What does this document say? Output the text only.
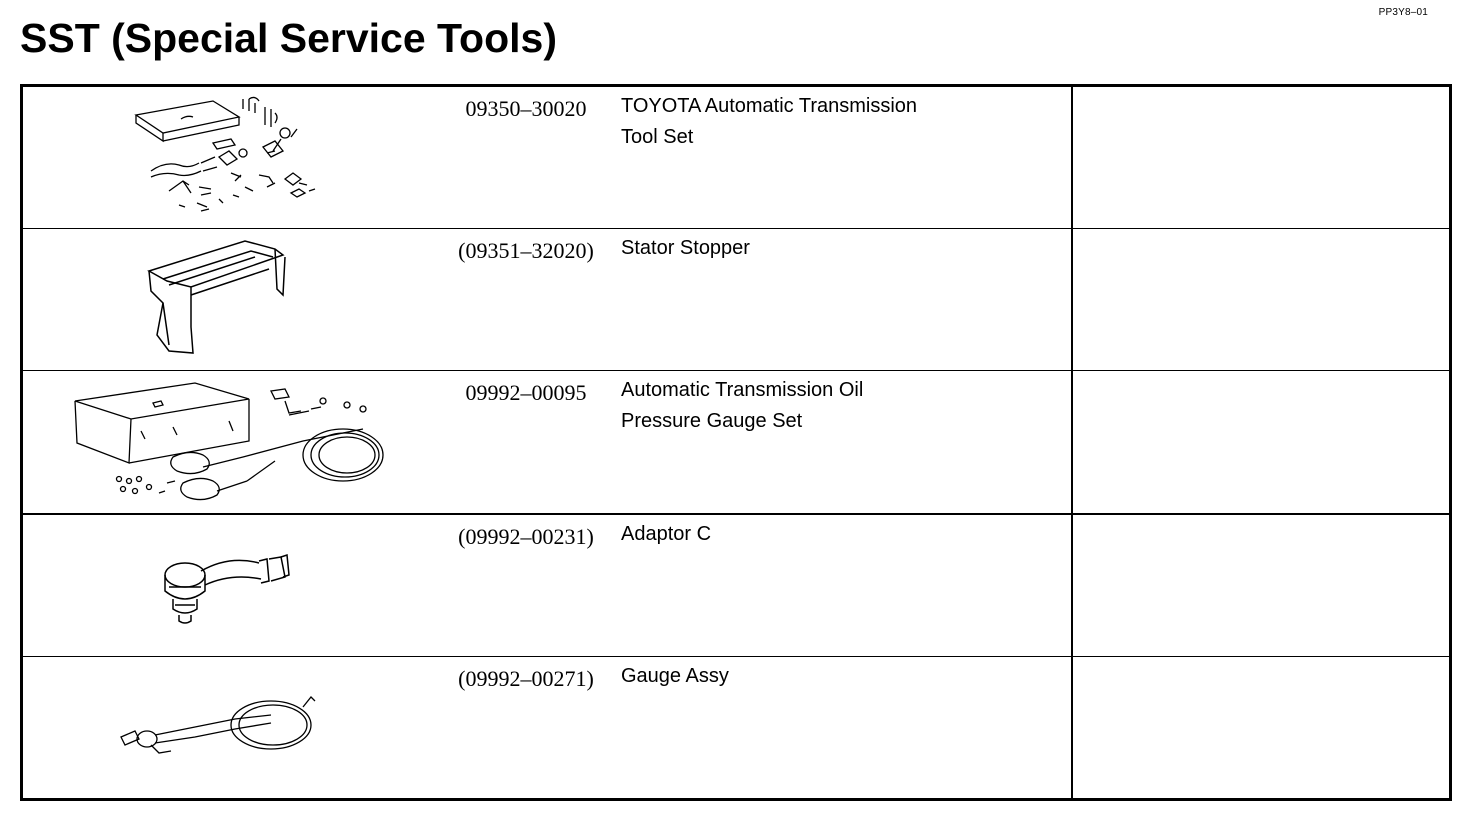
PP3Y8–01
SST (Special Service Tools)
09350–30020	TOYOTA Automatic Transmission
Tool Set
(09351–32020)	Stator Stopper
09992–00095	Automatic Transmission Oil
Pressure Gauge Set
(09992–00231)	Adaptor C
(09992–00271)	Gauge Assy
